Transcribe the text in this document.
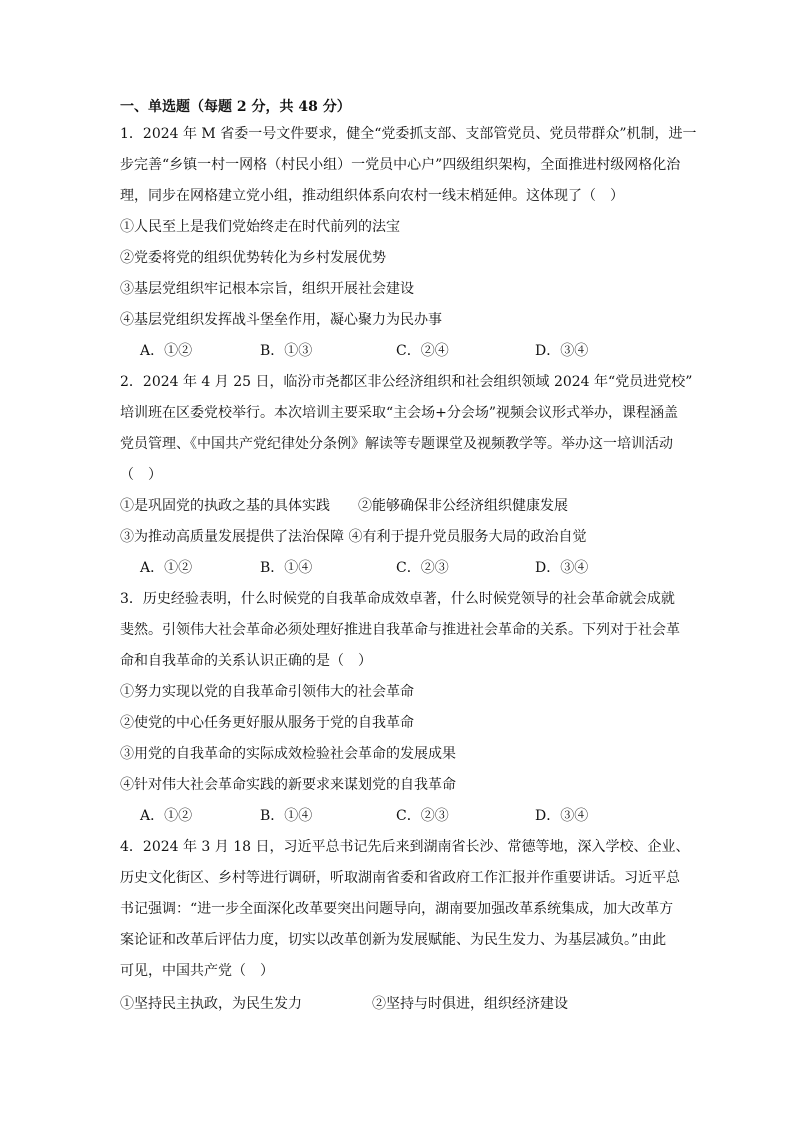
一、单选题（每题 2 分，共 48 分）
1．2024 年 M 省委一号文件要求，健全“党委抓支部、支部管党员、党员带群众”机制，进一
步完善“乡镇一村一网格（村民小组）一党员中心户”四级组织架构，全面推进村级网格化治
理，同步在网格建立党小组，推动组织体系向农村一线末梢延伸。这体现了（　）
①人民至上是我们党始终走在时代前列的法宝
②党委将党的组织优势转化为乡村发展优势
③基层党组织牢记根本宗旨，组织开展社会建设
④基层党组织发挥战斗堡垒作用，凝心聚力为民办事
A．①②	B．①③	C．②④	D．③④
2．2024 年 4 月 25 日，临汾市尧都区非公经济组织和社会组织领域 2024 年“党员进党校”
培训班在区委党校举行。本次培训主要采取“主会场+分会场”视频会议形式举办，课程涵盖
党员管理、《中国共产党纪律处分条例》解读等专题课堂及视频教学等。举办这一培训活动
（　）
①是巩固党的执政之基的具体实践　　②能够确保非公经济组织健康发展
③为推动高质量发展提供了法治保障 ④有利于提升党员服务大局的政治自觉
A．①②	B．①④	C．②③	D．③④
3．历史经验表明，什么时候党的自我革命成效卓著，什么时候党领导的社会革命就会成就
斐然。引领伟大社会革命必须处理好推进自我革命与推进社会革命的关系。下列对于社会革
命和自我革命的关系认识正确的是（　）
①努力实现以党的自我革命引领伟大的社会革命
②使党的中心任务更好服从服务于党的自我革命
③用党的自我革命的实际成效检验社会革命的发展成果
④针对伟大社会革命实践的新要求来谋划党的自我革命
A．①②	B．①④	C．②③	D．③④
4．2024 年 3 月 18 日，习近平总书记先后来到湖南省长沙、常德等地，深入学校、企业、
历史文化街区、乡村等进行调研，听取湖南省委和省政府工作汇报并作重要讲话。习近平总
书记强调：“进一步全面深化改革要突出问题导向，湖南要加强改革系统集成，加大改革方
案论证和改革后评估力度，切实以改革创新为发展赋能、为民生发力、为基层减负。”由此
可见，中国共产党（　）
①坚持民主执政，为民生发力　　　　　②坚持与时俱进，组织经济建设
